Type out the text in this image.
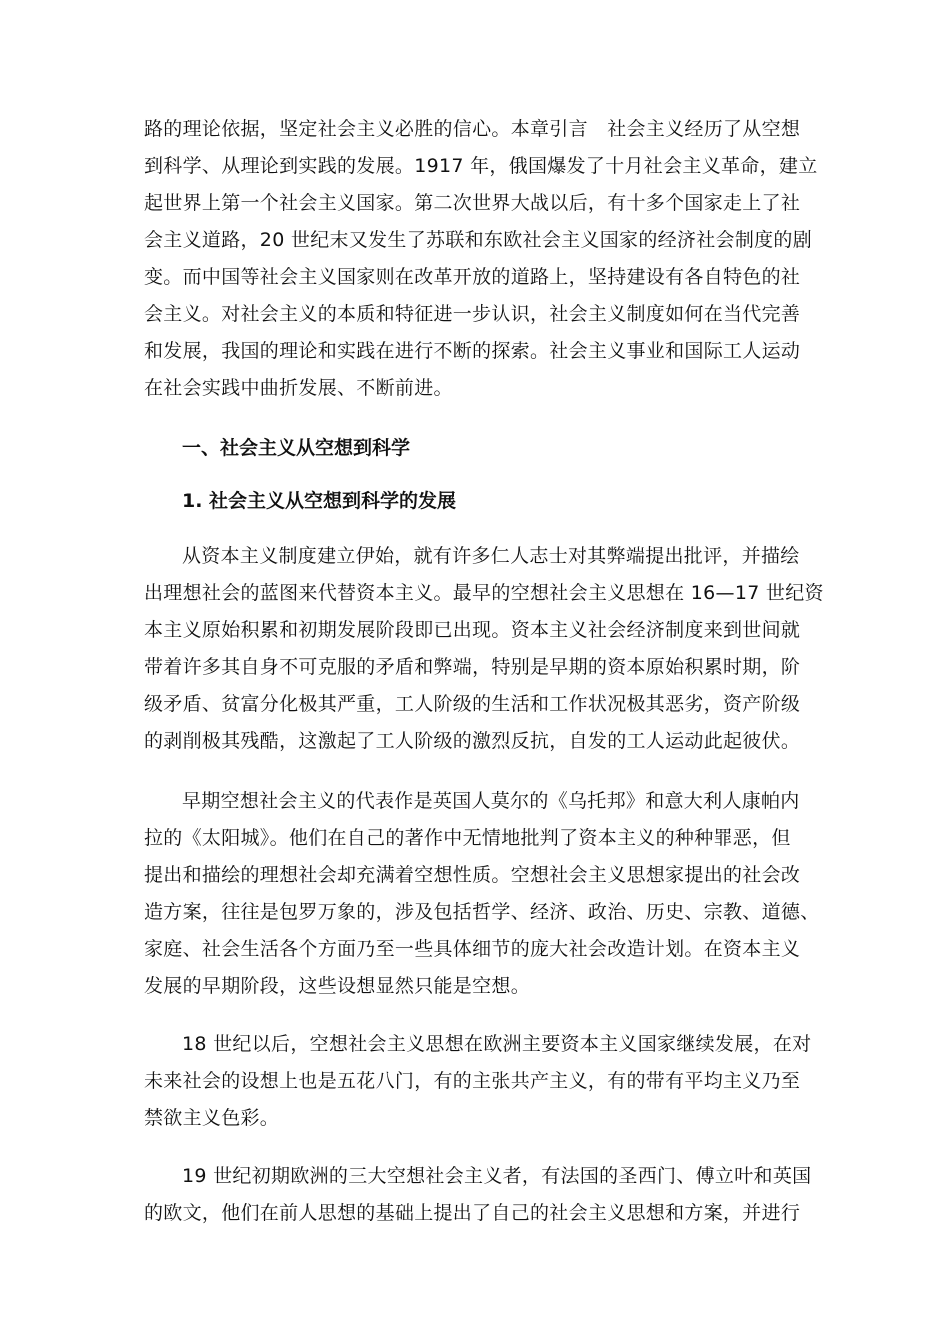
路的理论依据，坚定社会主义必胜的信心。本章引言　社会主义经历了从空想
到科学、从理论到实践的发展。1917 年，俄国爆发了十月社会主义革命，建立
起世界上第一个社会主义国家。第二次世界大战以后，有十多个国家走上了社
会主义道路，20 世纪末又发生了苏联和东欧社会主义国家的经济社会制度的剧
变。而中国等社会主义国家则在改革开放的道路上，坚持建设有各自特色的社
会主义。对社会主义的本质和特征进一步认识，社会主义制度如何在当代完善
和发展，我国的理论和实践在进行不断的探索。社会主义事业和国际工人运动
在社会实践中曲折发展、不断前进。
一、社会主义从空想到科学
1. 社会主义从空想到科学的发展
从资本主义制度建立伊始，就有许多仁人志士对其弊端提出批评，并描绘
出理想社会的蓝图来代替资本主义。最早的空想社会主义思想在 16—17 世纪资
本主义原始积累和初期发展阶段即已出现。资本主义社会经济制度来到世间就
带着许多其自身不可克服的矛盾和弊端，特别是早期的资本原始积累时期，阶
级矛盾、贫富分化极其严重，工人阶级的生活和工作状况极其恶劣，资产阶级
的剥削极其残酷，这激起了工人阶级的激烈反抗，自发的工人运动此起彼伏。
早期空想社会主义的代表作是英国人莫尔的《乌托邦》和意大利人康帕内
拉的《太阳城》。他们在自己的著作中无情地批判了资本主义的种种罪恶，但
提出和描绘的理想社会却充满着空想性质。空想社会主义思想家提出的社会改
造方案，往往是包罗万象的，涉及包括哲学、经济、政治、历史、宗教、道德、
家庭、社会生活各个方面乃至一些具体细节的庞大社会改造计划。在资本主义
发展的早期阶段，这些设想显然只能是空想。
18 世纪以后，空想社会主义思想在欧洲主要资本主义国家继续发展，在对
未来社会的设想上也是五花八门，有的主张共产主义，有的带有平均主义乃至
禁欲主义色彩。
19 世纪初期欧洲的三大空想社会主义者，有法国的圣西门、傅立叶和英国
的欧文，他们在前人思想的基础上提出了自己的社会主义思想和方案，并进行
